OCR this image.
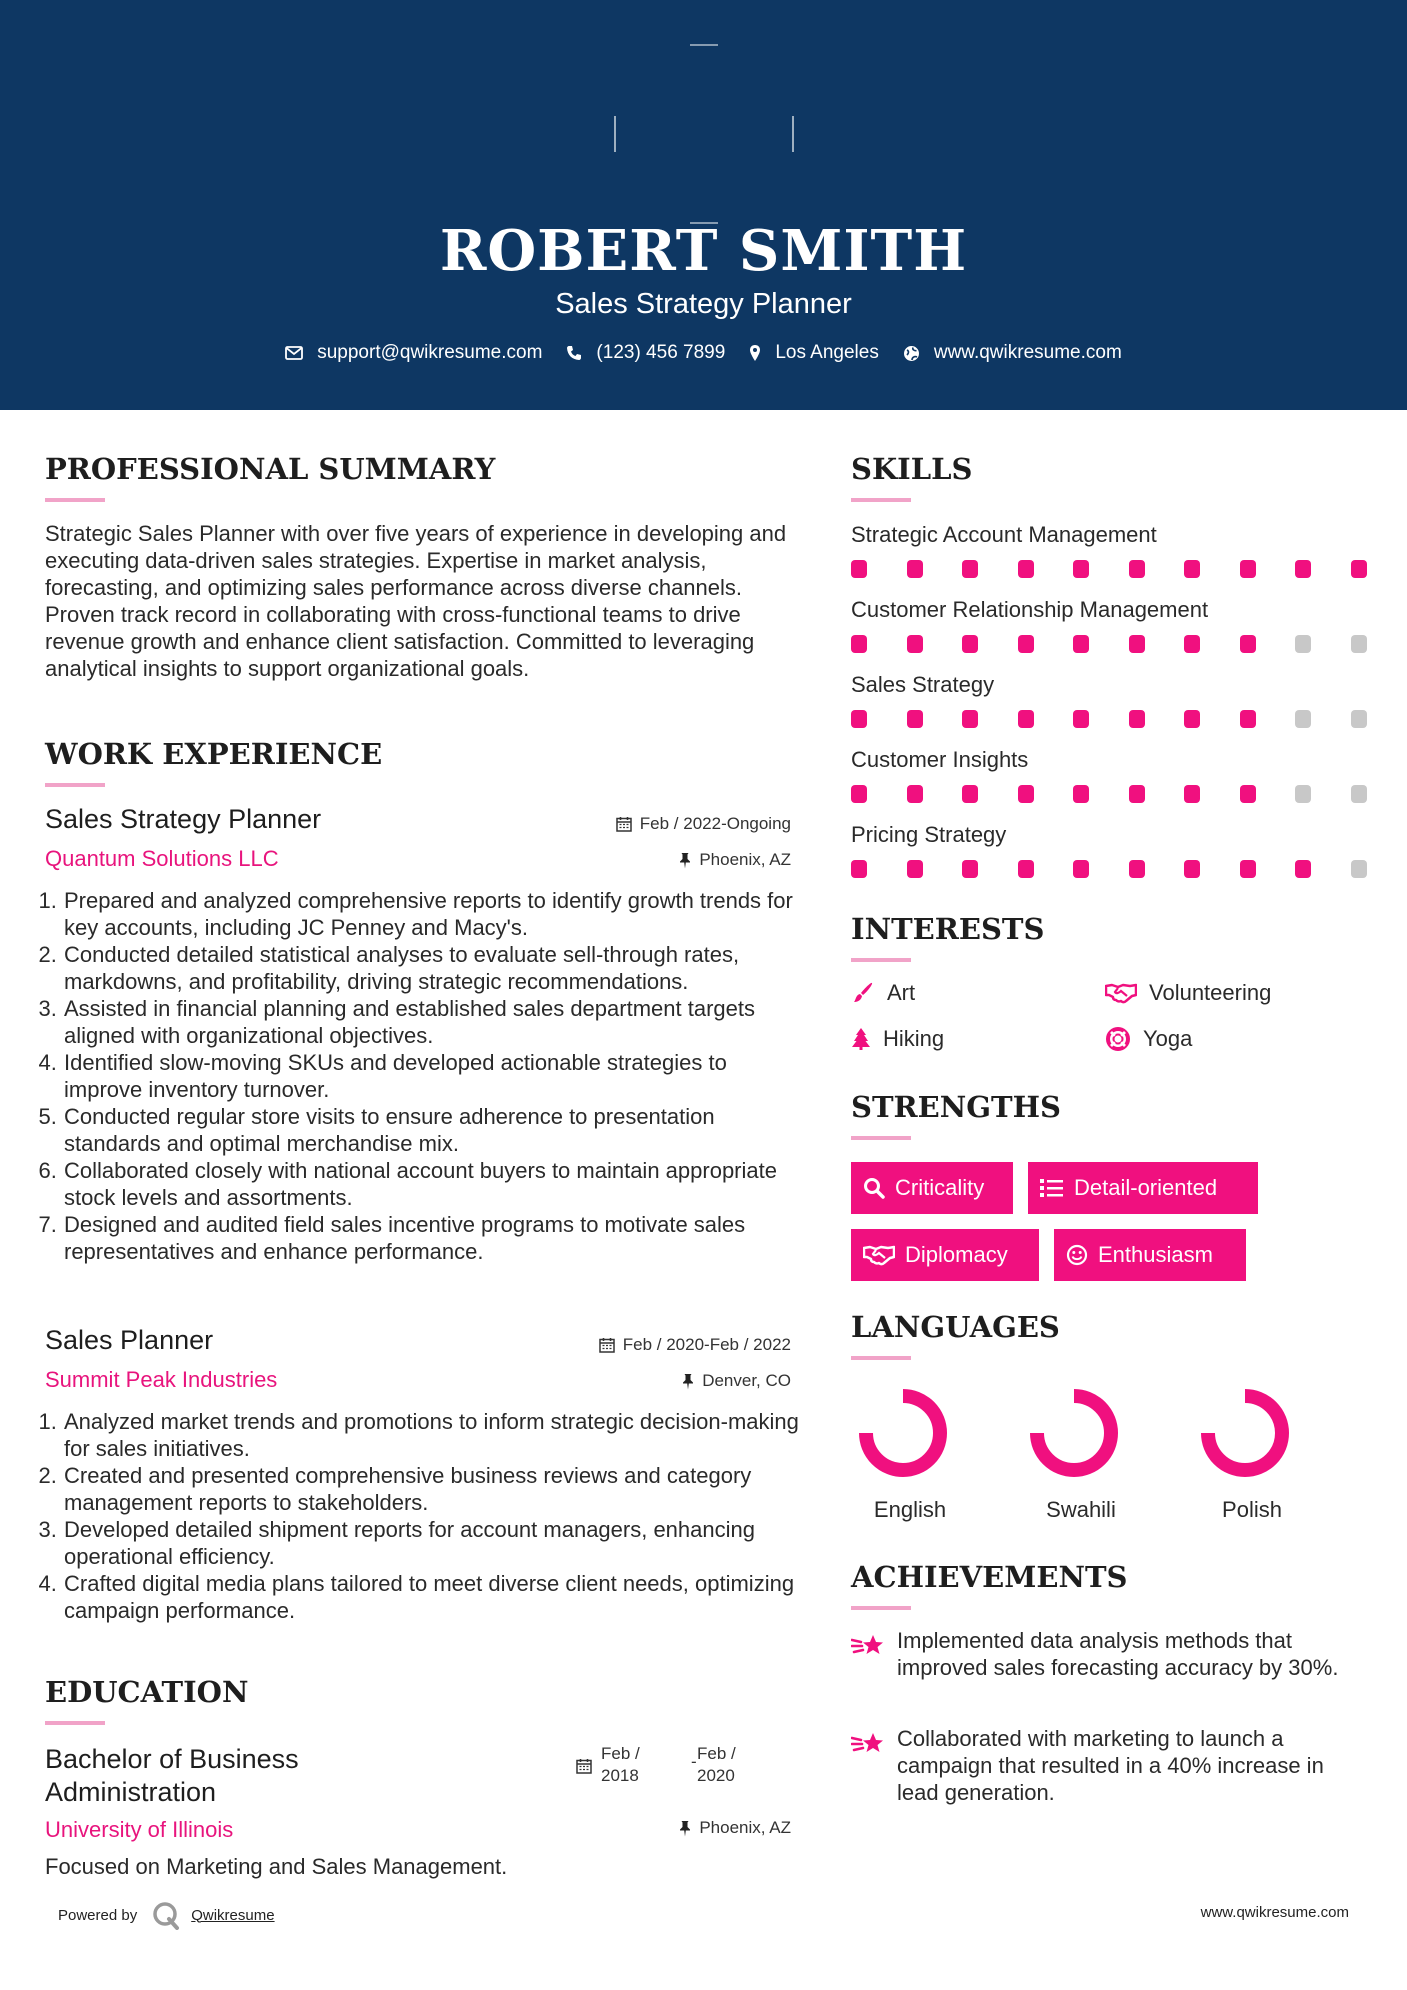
ROBERT SMITH
Sales Strategy Planner
support@qwikresume.com	(123) 456 7899	Los Angeles	www.qwikresume.com
PROFESSIONAL SUMMARY
Strategic Sales Planner with over five years of experience in developing and executing data-driven sales strategies. Expertise in market analysis, forecasting, and optimizing sales performance across diverse channels. Proven track record in collaborating with cross-functional teams to drive revenue growth and enhance client satisfaction. Committed to leveraging analytical insights to support organizational goals.
WORK EXPERIENCE
Sales Strategy Planner	Feb / 2022-Ongoing
Quantum Solutions LLC	Phoenix, AZ
1. Prepared and analyzed comprehensive reports to identify growth trends for key accounts, including JC Penney and Macy's.
2. Conducted detailed statistical analyses to evaluate sell-through rates, markdowns, and profitability, driving strategic recommendations.
3. Assisted in financial planning and established sales department targets aligned with organizational objectives.
4. Identified slow-moving SKUs and developed actionable strategies to improve inventory turnover.
5. Conducted regular store visits to ensure adherence to presentation standards and optimal merchandise mix.
6. Collaborated closely with national account buyers to maintain appropriate stock levels and assortments.
7. Designed and audited field sales incentive programs to motivate sales representatives and enhance performance.
Sales Planner	Feb / 2020-Feb / 2022
Summit Peak Industries	Denver, CO
1. Analyzed market trends and promotions to inform strategic decision-making for sales initiatives.
2. Created and presented comprehensive business reviews and category management reports to stakeholders.
3. Developed detailed shipment reports for account managers, enhancing operational efficiency.
4. Crafted digital media plans tailored to meet diverse client needs, optimizing campaign performance.
EDUCATION
Bachelor of Business
Administration
Feb /
2018
- Feb /
2020
University of Illinois	Phoenix, AZ
Focused on Marketing and Sales Management.
SKILLS
Strategic Account Management
Customer Relationship Management
Sales Strategy
Customer Insights
Pricing Strategy
INTERESTS
Art	Volunteering
Hiking	Yoga
STRENGTHS
Criticality	Detail-oriented
Diplomacy	Enthusiasm
LANGUAGES
English	Swahili	Polish
ACHIEVEMENTS
Implemented data analysis methods that improved sales forecasting accuracy by 30%.
Collaborated with marketing to launch a campaign that resulted in a 40% increase in lead generation.
Powered by	Qwikresume	www.qwikresume.com
